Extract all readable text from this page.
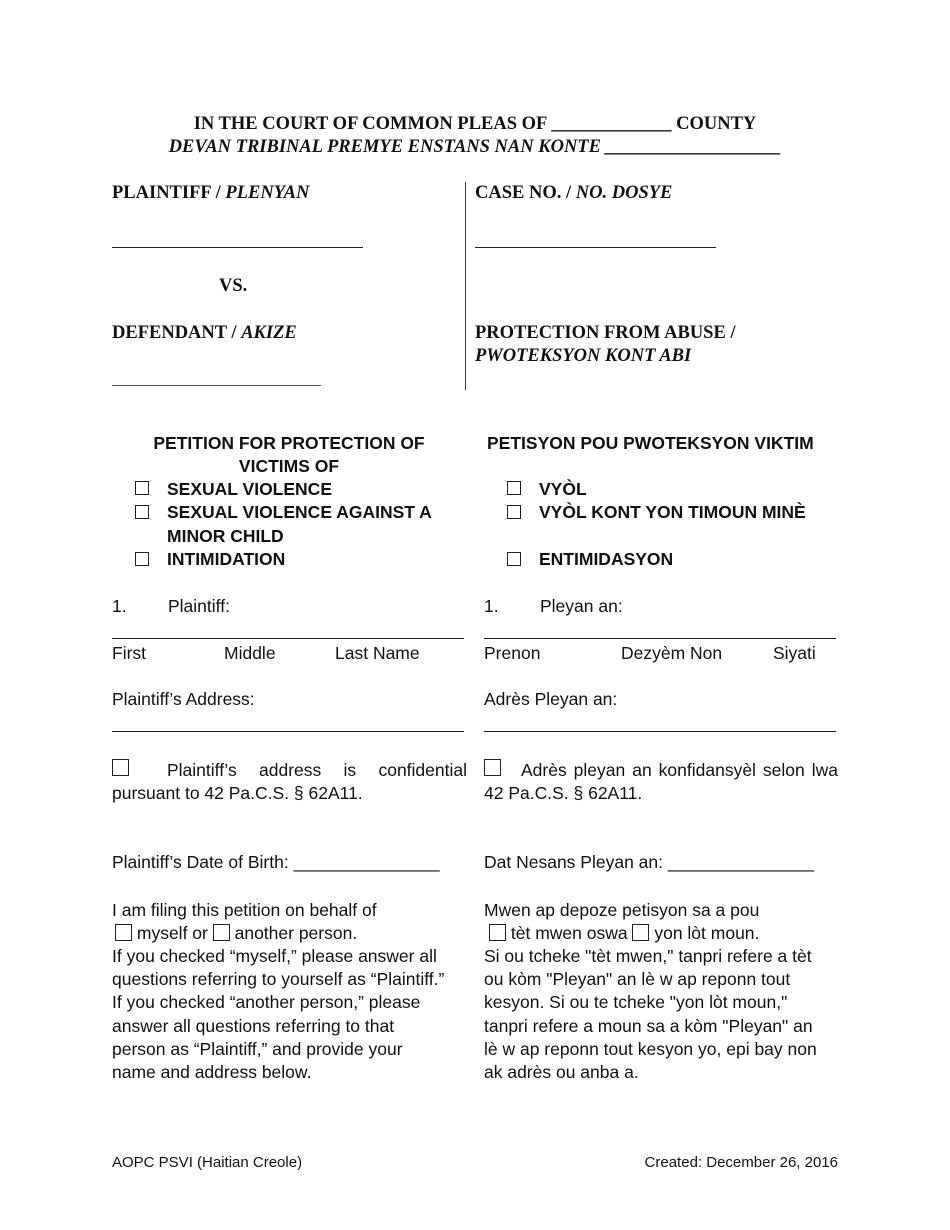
IN THE COURT OF COMMON PLEAS OF _____________ COUNTY
DEVAN TRIBINAL PREMYE ENSTANS NAN KONTE ___________________
PLAINTIFF / PLENYAN
VS.
DEFENDANT / AKIZE
CASE NO. / NO. DOSYE
PROTECTION FROM ABUSE /
PWOTEKSYON KONT ABI
PETITION FOR PROTECTION OF
VICTIMS OF
SEXUAL VIOLENCE
SEXUAL VIOLENCE AGAINST A
MINOR CHILD
INTIMIDATION
PETISYON POU PWOTEKSYON VIKTIM
VYÒL
VYÒL KONT YON TIMOUN MINÈ
ENTIMIDASYON
1. Plaintiff:
First	Middle	Last Name
Plaintiff’s Address:
Plaintiff’s address is confidential pursuant to 42 Pa.C.S. § 62A11.
Plaintiff’s Date of Birth: _______________
I am filing this petition on behalf of
myself or another person.
If you checked “myself,” please answer all
questions referring to yourself as “Plaintiff.”
If you checked “another person,” please
answer all questions referring to that
person as “Plaintiff,” and provide your
name and address below.
1. Pleyan an:
Prenon	Dezyèm Non	Siyati
Adrès Pleyan an:
Adrès pleyan an konfidansyèl selon lwa 42 Pa.C.S. § 62A11.
Dat Nesans Pleyan an: _______________
Mwen ap depoze petisyon sa a pou
tèt mwen oswa yon lòt moun.
Si ou tcheke "tèt mwen," tanpri refere a tèt
ou kòm "Pleyan" an lè w ap reponn tout
kesyon. Si ou te tcheke "yon lòt moun,"
tanpri refere a moun sa a kòm "Pleyan" an
lè w ap reponn tout kesyon yo, epi bay non
ak adrès ou anba a.
AOPC PSVI (Haitian Creole)	Created: December 26, 2016
